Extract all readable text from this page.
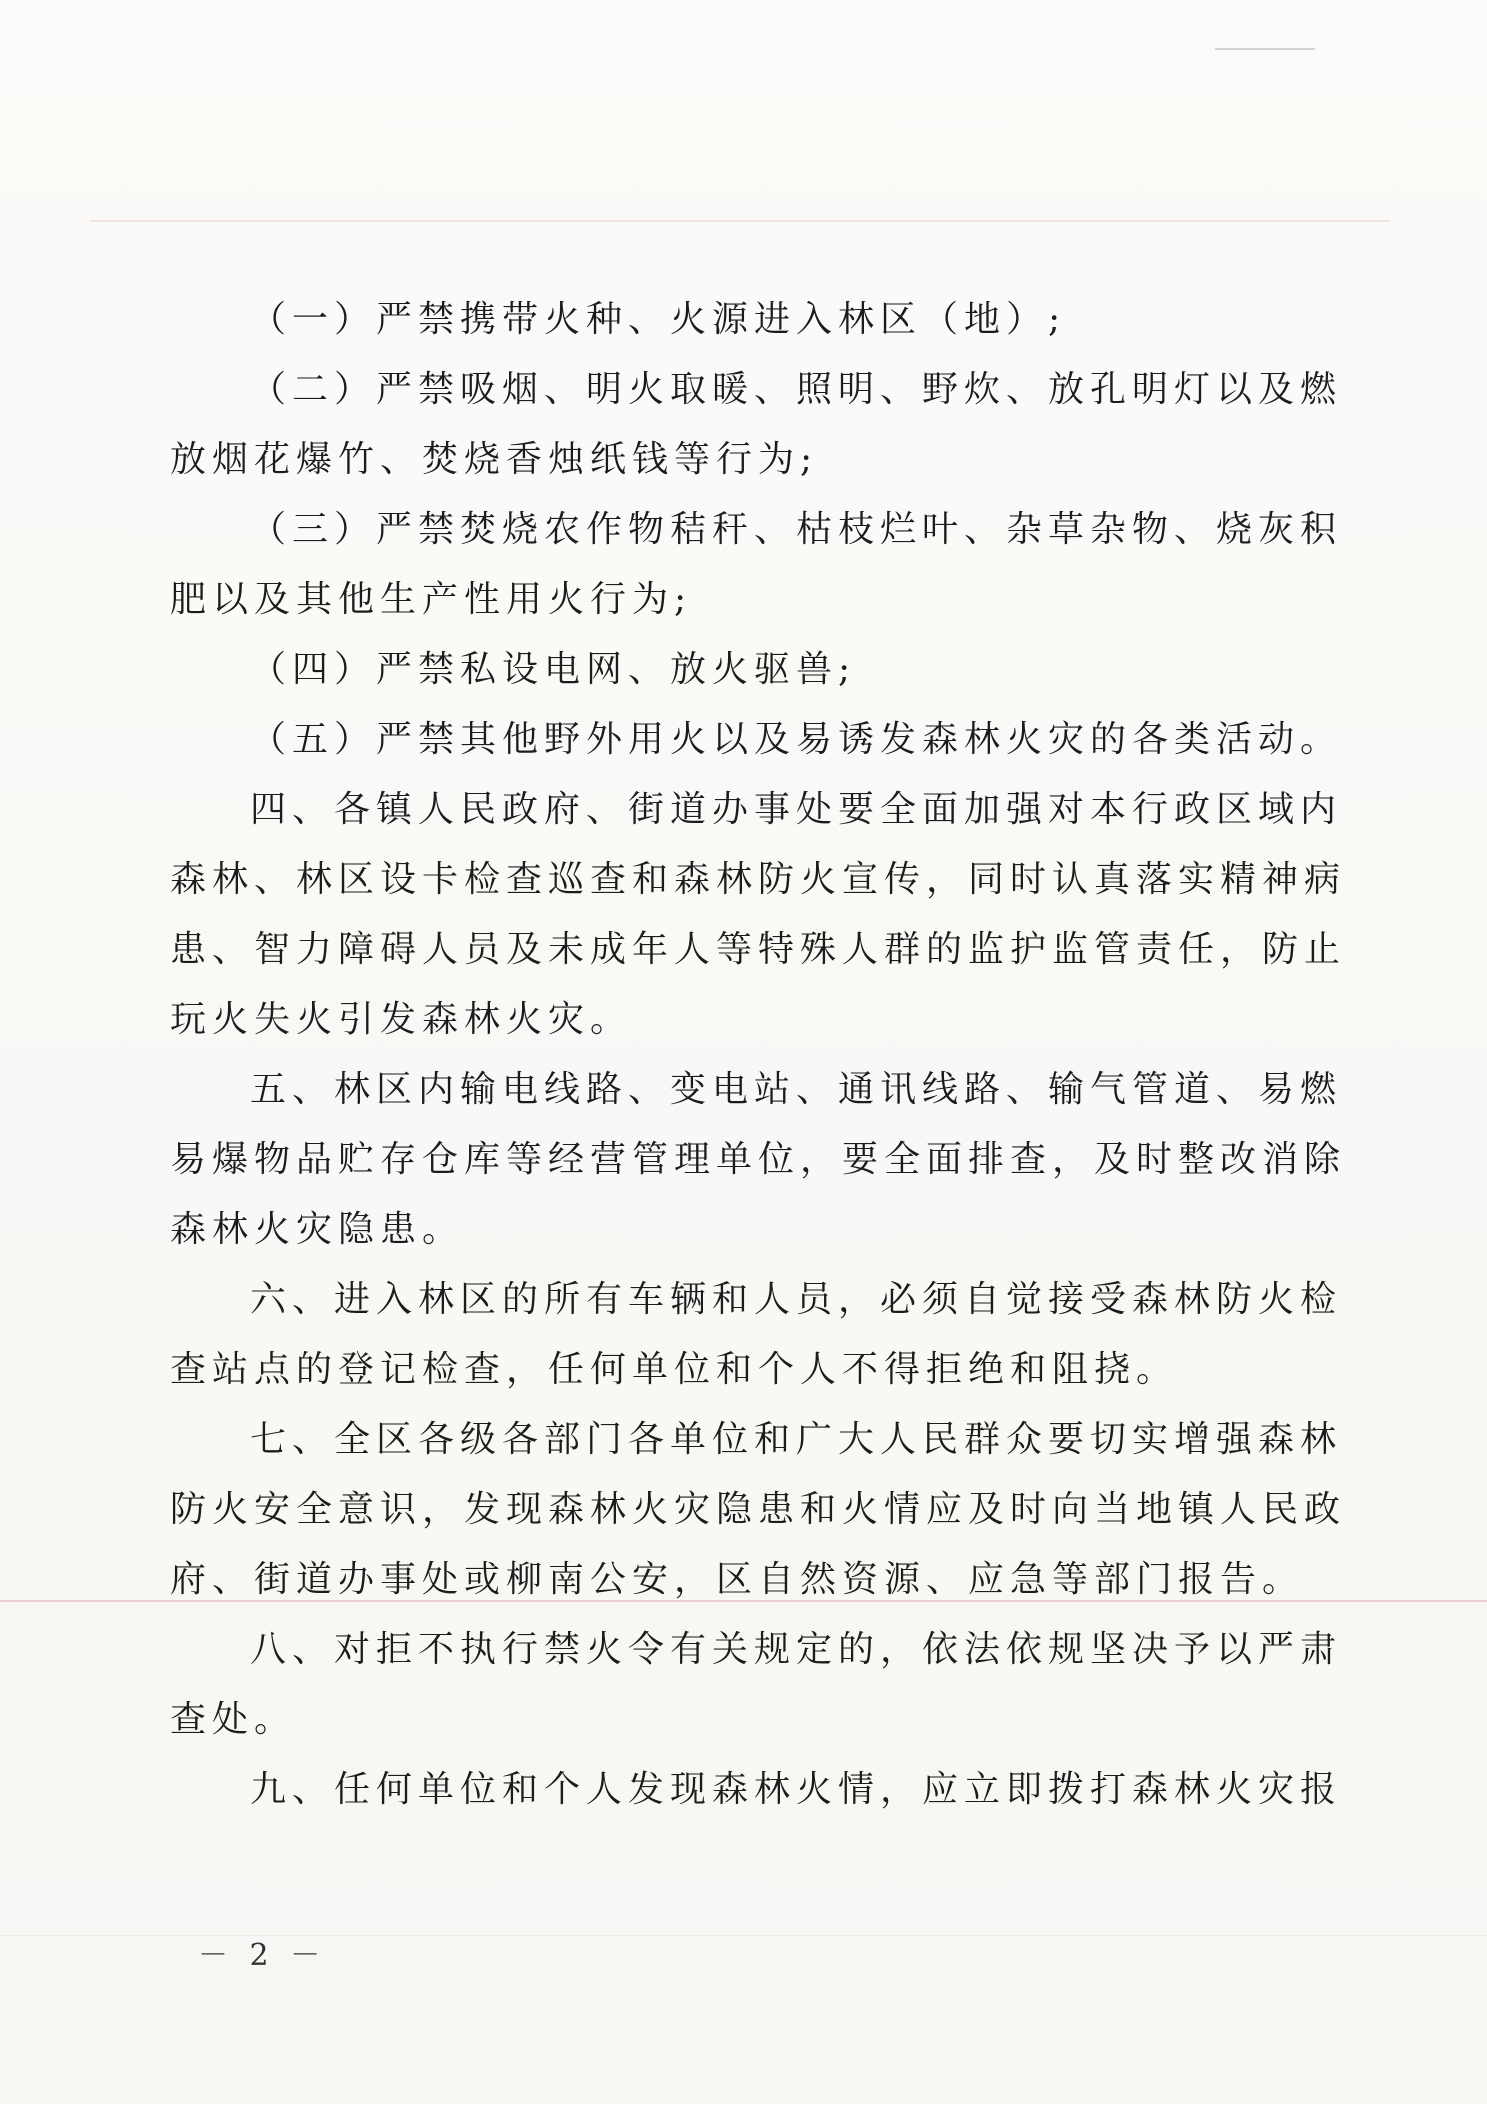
（一）严禁携带火种、火源进入林区（地）;
（二）严禁吸烟、明火取暖、照明、野炊、放孔明灯以及燃
放烟花爆竹、焚烧香烛纸钱等行为;
（三）严禁焚烧农作物秸秆、枯枝烂叶、杂草杂物、烧灰积
肥以及其他生产性用火行为;
（四）严禁私设电网、放火驱兽;
（五）严禁其他野外用火以及易诱发森林火灾的各类活动。
四、各镇人民政府、街道办事处要全面加强对本行政区域内
森林、林区设卡检查巡查和森林防火宣传，同时认真落实精神病
患、智力障碍人员及未成年人等特殊人群的监护监管责任，防止
玩火失火引发森林火灾。
五、林区内输电线路、变电站、通讯线路、输气管道、易燃
易爆物品贮存仓库等经营管理单位，要全面排查，及时整改消除
森林火灾隐患。
六、进入林区的所有车辆和人员，必须自觉接受森林防火检
查站点的登记检查，任何单位和个人不得拒绝和阻挠。
七、全区各级各部门各单位和广大人民群众要切实增强森林
防火安全意识，发现森林火灾隐患和火情应及时向当地镇人民政
府、街道办事处或柳南公安，区自然资源、应急等部门报告。
八、对拒不执行禁火令有关规定的，依法依规坚决予以严肃
查处。
九、任何单位和个人发现森林火情，应立即拨打森林火灾报
－ 2 －
